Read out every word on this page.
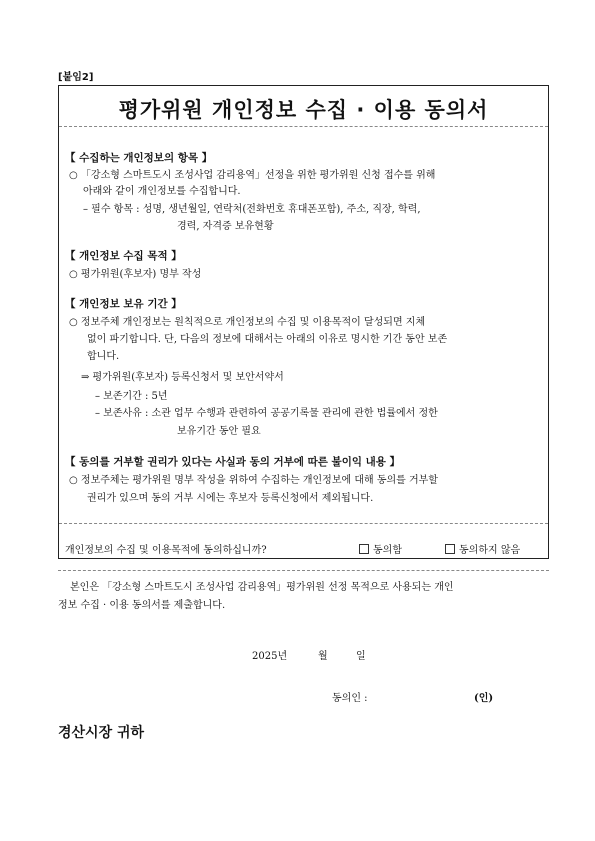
[붙임2]
평가위원 개인정보 수집 · 이용 동의서
【 수집하는 개인정보의 항목 】
○ 「강소형 스마트도시 조성사업 감리용역」선정을 위한 평가위원 신청 접수를 위해
아래와 같이 개인정보를 수집합니다.
– 필수 항목 : 성명, 생년월일, 연락처(전화번호 휴대폰포함), 주소, 직장, 학력,
경력, 자격증 보유현황
【 개인정보 수집 목적 】
○ 평가위원(후보자) 명부 작성
【 개인정보 보유 기간 】
○ 정보주체 개인정보는 원칙적으로 개인정보의 수집 및 이용목적이 달성되면 지체
없이 파기합니다. 단, 다음의 정보에 대해서는 아래의 이유로 명시한 기간 동안 보존
합니다.
⇒ 평가위원(후보자) 등록신청서 및 보안서약서
– 보존기간 : 5년
– 보존사유 : 소관 업무 수행과 관련하여 공공기록물 관리에 관한 법률에서 정한
보유기간 동안 필요
【 동의를 거부할 권리가 있다는 사실과 동의 거부에 따른 불이익 내용 】
○ 정보주체는 평가위원 명부 작성을 위하여 수집하는 개인정보에 대해 동의를 거부할
권리가 있으며 동의 거부 시에는 후보자 등록신청에서 제외됩니다.
개인정보의 수집 및 이용목적에 동의하십니까?	동의함	동의하지 않음
본인은 「강소형 스마트도시 조성사업 감리용역」평가위원 선정 목적으로 사용되는 개인
정보 수집 · 이용 동의서를 제출합니다.
2025년	월	일
동의인 :	(인)
경산시장 귀하
